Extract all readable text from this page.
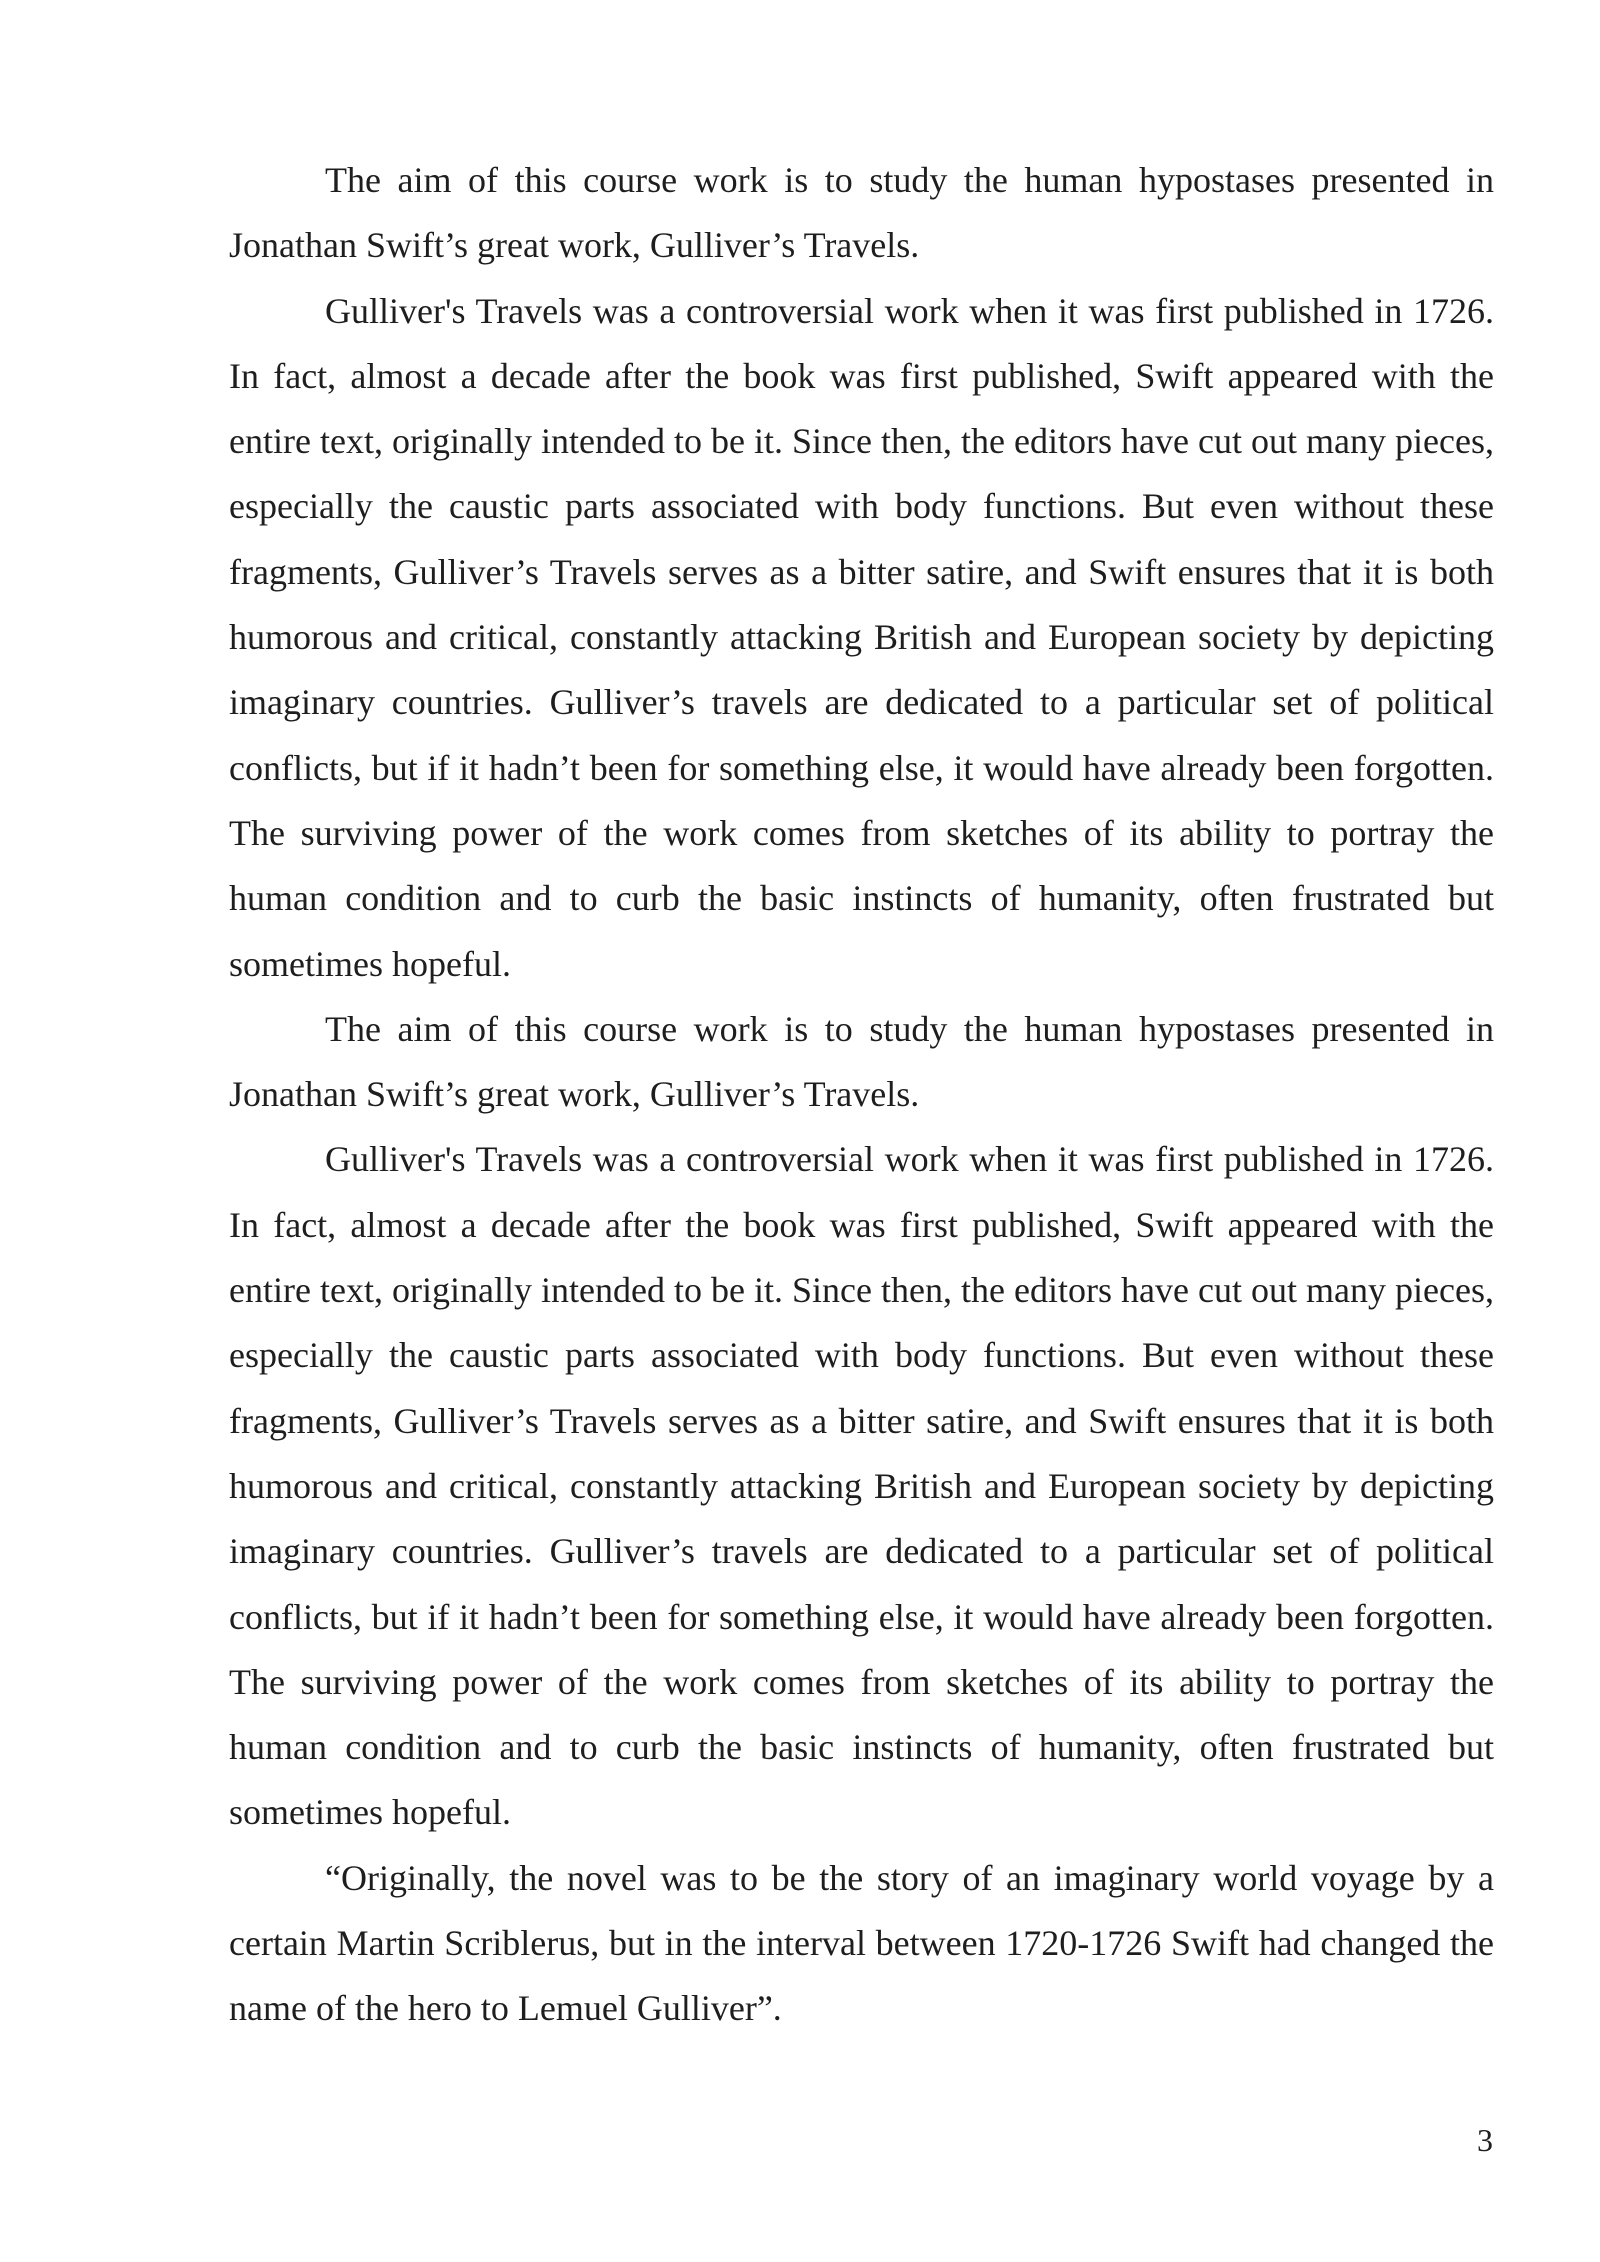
The aim of this course work is to study the human hypostases presented in Jonathan Swift’s great work, Gulliver’s Travels.

Gulliver's Travels was a controversial work when it was first published in 1726. In fact, almost a decade after the book was first published, Swift appeared with the entire text, originally intended to be it. Since then, the editors have cut out many pieces, especially the caustic parts associated with body functions. But even without these fragments, Gulliver’s Travels serves as a bitter satire, and Swift ensures that it is both humorous and critical, constantly attacking British and European society by depicting imaginary countries. Gulliver’s travels are dedicated to a particular set of political conflicts, but if it hadn’t been for something else, it would have already been forgotten. The surviving power of the work comes from sketches of its ability to portray the human condition and to curb the basic instincts of humanity, often frustrated but sometimes hopeful.

The aim of this course work is to study the human hypostases presented in Jonathan Swift’s great work, Gulliver’s Travels.

Gulliver's Travels was a controversial work when it was first published in 1726. In fact, almost a decade after the book was first published, Swift appeared with the entire text, originally intended to be it. Since then, the editors have cut out many pieces, especially the caustic parts associated with body functions. But even without these fragments, Gulliver’s Travels serves as a bitter satire, and Swift ensures that it is both humorous and critical, constantly attacking British and European society by depicting imaginary countries. Gulliver’s travels are dedicated to a particular set of political conflicts, but if it hadn’t been for something else, it would have already been forgotten. The surviving power of the work comes from sketches of its ability to portray the human condition and to curb the basic instincts of humanity, often frustrated but sometimes hopeful.

“Originally, the novel was to be the story of an imaginary world voyage by a certain Martin Scriblerus, but in the interval between 1720-1726 Swift had changed the name of the hero to Lemuel Gulliver”.

3
